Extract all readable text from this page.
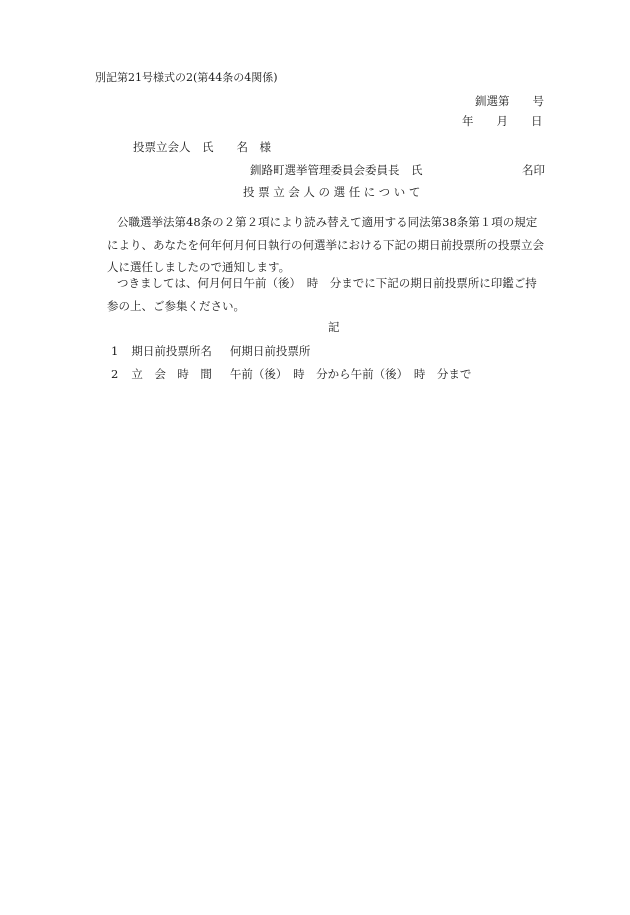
別記第21号様式の2(第44条の4関係)
釧選第　　号
年　　月　　日
投票立会人　氏　　名　様
釧路町選挙管理委員会委員長　氏	名印
投票立会人の選任について
公職選挙法第48条の２第２項により読み替えて適用する同法第38条第１項の規定により、あなたを何年何月何日執行の何選挙における下記の期日前投票所の投票立会人に選任しましたので通知します。
つきましては、何月何日午前（後）　時　分までに下記の期日前投票所に印鑑ご持参の上、ご参集ください。
記
1 期日前投票所名 何期日前投票所
2 立　会　時　間 午前（後）　時　分から午前（後）　時　分まで
